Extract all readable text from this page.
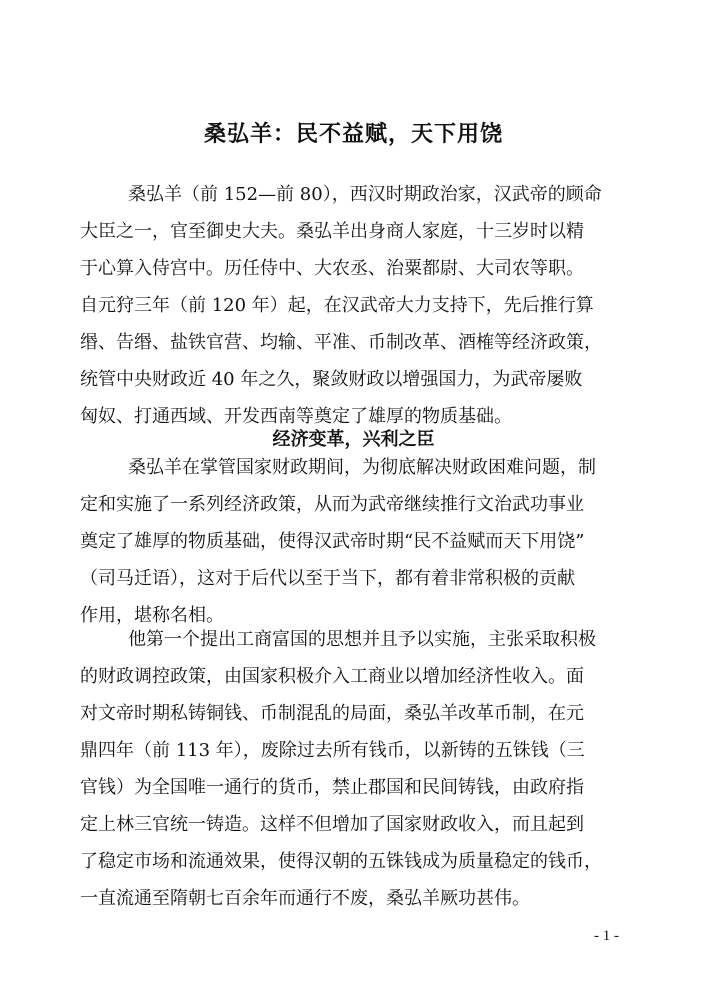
桑弘羊：民不益赋，天下用饶
桑弘羊（前 152—前 80），西汉时期政治家，汉武帝的顾命
大臣之一，官至御史大夫。桑弘羊出身商人家庭，十三岁时以精
于心算入侍宫中。历任侍中、大农丞、治粟都尉、大司农等职。
自元狩三年（前 120 年）起，在汉武帝大力支持下，先后推行算
缗、告缗、盐铁官营、均输、平准、币制改革、酒榷等经济政策，
统管中央财政近 40 年之久，聚敛财政以增强国力，为武帝屡败
匈奴、打通西域、开发西南等奠定了雄厚的物质基础。
经济变革，兴利之臣
桑弘羊在掌管国家财政期间，为彻底解决财政困难问题，制
定和实施了一系列经济政策，从而为武帝继续推行文治武功事业
奠定了雄厚的物质基础，使得汉武帝时期“民不益赋而天下用饶”
（司马迁语），这对于后代以至于当下，都有着非常积极的贡献
作用，堪称名相。
他第一个提出工商富国的思想并且予以实施，主张采取积极
的财政调控政策，由国家积极介入工商业以增加经济性收入。面
对文帝时期私铸铜钱、币制混乱的局面，桑弘羊改革币制，在元
鼎四年（前 113 年），废除过去所有钱币，以新铸的五铢钱（三
官钱）为全国唯一通行的货币，禁止郡国和民间铸钱，由政府指
定上林三官统一铸造。这样不但增加了国家财政收入，而且起到
了稳定市场和流通效果，使得汉朝的五铢钱成为质量稳定的钱币，
一直流通至隋朝七百余年而通行不废，桑弘羊厥功甚伟。
- 1 -
